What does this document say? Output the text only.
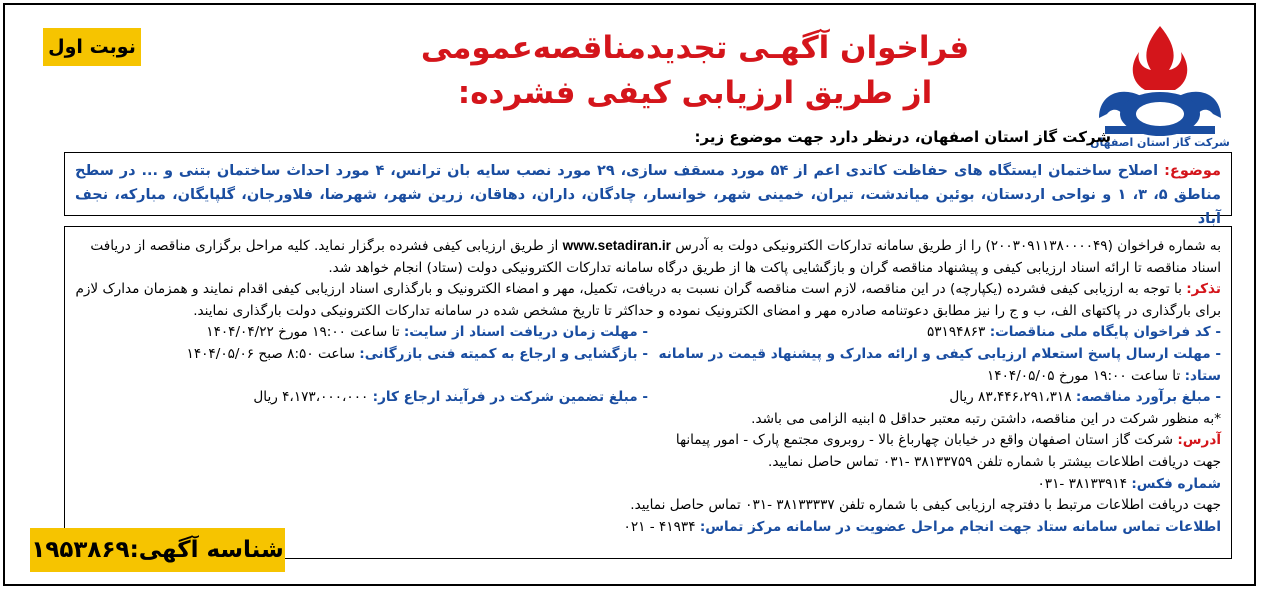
نوبت اول
شرکت گاز استان اصفهان
فراخوان آگهـی تجدیدمناقصه‌عمومی
از طریق ارزیابی کیفی فشرده:
شرکت گاز استان اصفهان، درنظر دارد جهت موضوع زیر:
موضوع: اصلاح ساختمان ایستگاه های حفاظت کاتدی اعم از ۵۴ مورد مسقف سازی، ۲۹ مورد نصب سایه بان ترانس، ۴ مورد احداث ساختمان بتنی و ... در سطح مناطق ۵، ۳، ۱ و نواحی اردستان، بوئین میاندشت، تیران، خمینی شهر، خوانسار، چادگان، داران، دهاقان، زرین شهر، شهرضا، فلاورجان، گلپایگان، مبارکه، نجف آباد

به شماره فراخوان (۲۰۰۳۰۹۱۱۳۸۰۰۰۰۴۹) را از طریق سامانه تدارکات الکترونیکی دولت به آدرس www.setadiran.ir از طریق ارزیابی کیفی فشرده برگزار نماید. کلیه مراحل برگزاری مناقصه از دریافت اسناد مناقصه تا ارائه اسناد ارزیابی کیفی و پیشنهاد مناقصه گران و بازگشایی پاکت ها از طریق درگاه سامانه تدارکات الکترونیکی دولت (ستاد) انجام خواهد شد.

تذکر: با توجه به ارزیابی کیفی فشرده (یکپارچه) در این مناقصه، لازم است مناقصه گران نسبت به دریافت، تکمیل، مهر و امضاء الکترونیک و بارگذاری اسناد ارزیابی کیفی اقدام نمایند و همزمان مدارک لازم برای بارگذاری در پاکتهای الف، ب و ج را نیز مطابق دعوتنامه صادره مهر و امضای الکترونیک نموده و حداکثر تا تاریخ مشخص شده در سامانه تدارکات الکترونیکی دولت بارگذاری نمایند.

- کد فراخوان پایگاه ملی مناقصات: ۵۳۱۹۴۸۶۳
- مهلت زمان دریافت اسناد از سایت: تا ساعت ۱۹:۰۰ مورخ ۱۴۰۴/۰۴/۲۲
- مهلت ارسال پاسخ استعلام ارزیابی کیفی و ارائه مدارک و پیشنهاد قیمت در سامانه ستاد: تا ساعت ۱۹:۰۰ مورخ ۱۴۰۴/۰۵/۰۵
- بازگشایی و ارجاع به کمیته فنی بازرگانی: ساعت ۸:۵۰ صبح ۱۴۰۴/۰۵/۰۶
- مبلغ برآورد مناقصه: ۸۳،۴۴۶،۲۹۱،۳۱۸ ریال
- مبلغ تضمین شرکت در فرآیند ارجاع کار: ۴،۱۷۳،۰۰۰،۰۰۰ ریال

*به منظور شرکت در این مناقصه، داشتن رتبه معتبر حداقل ۵ ابنیه الزامی می باشد.

آدرس: شرکت گاز استان اصفهان واقع در خیابان چهارباغ بالا - روبروی مجتمع پارک - امور پیمانها

جهت دریافت اطلاعات بیشتر با شماره تلفن ۳۸۱۳۳۷۵۹ -۰۳۱ تماس حاصل نمایید.

شماره فکس: ۳۸۱۳۳۹۱۴ -۰۳۱

جهت دریافت اطلاعات مرتبط با دفترچه ارزیابی کیفی با شماره تلفن ۳۸۱۳۳۳۳۷ -۰۳۱ تماس حاصل نمایید.

اطلاعات تماس سامانه ستاد جهت انجام مراحل عضویت در سامانه مرکز تماس: ۴۱۹۳۴ - ۰۲۱

شناسه آگهی:۱۹۵۳۸۶۹
